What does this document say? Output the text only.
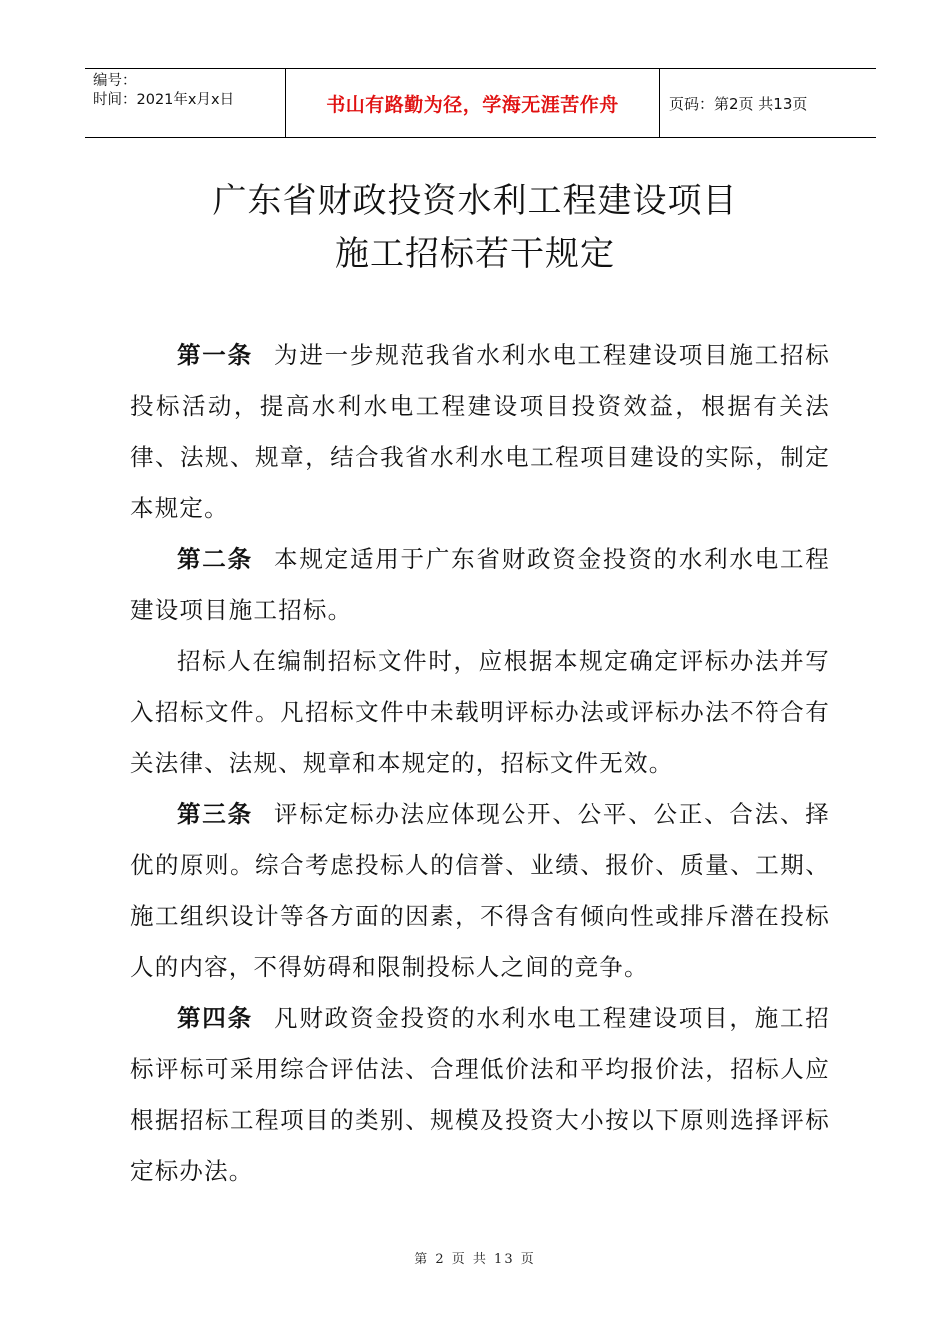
编号：
时间：2021年x月x日	书山有路勤为径，学海无涯苦作舟	页码：第2页 共13页
广东省财政投资水利工程建设项目
施工招标若干规定

第一条 为进一步规范我省水利水电工程建设项目施工招标投标活动，提高水利水电工程建设项目投资效益，根据有关法律、法规、规章，结合我省水利水电工程项目建设的实际，制定本规定。

第二条 本规定适用于广东省财政资金投资的水利水电工程建设项目施工招标。

招标人在编制招标文件时，应根据本规定确定评标办法并写入招标文件。凡招标文件中未载明评标办法或评标办法不符合有关法律、法规、规章和本规定的，招标文件无效。

第三条 评标定标办法应体现公开、公平、公正、合法、择优的原则。综合考虑投标人的信誉、业绩、报价、质量、工期、施工组织设计等各方面的因素，不得含有倾向性或排斥潜在投标人的内容，不得妨碍和限制投标人之间的竞争。

第四条 凡财政资金投资的水利水电工程建设项目，施工招标评标可采用综合评估法、合理低价法和平均报价法，招标人应根据招标工程项目的类别、规模及投资大小按以下原则选择评标定标办法。

第 2 页 共 13 页
